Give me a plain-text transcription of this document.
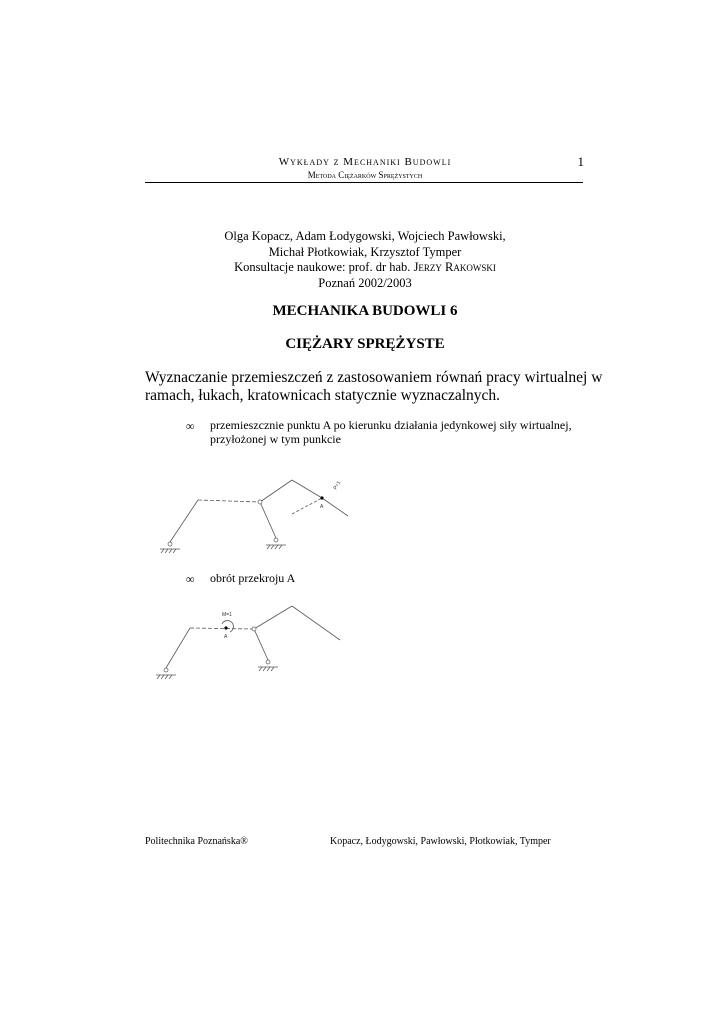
Wykłady z Mechaniki Budowli	1
Metoda Ciężarków Sprężystych
Olga Kopacz, Adam Łodygowski, Wojciech Pawłowski,
Michał Płotkowiak, Krzysztof Tymper
Konsultacje naukowe: prof. dr hab. Jerzy Rakowski
Poznań 2002/2003
MECHANIKA BUDOWLI 6
CIĘŻARY SPRĘŻYSTE
Wyznaczanie przemieszczeń z zastosowaniem równań pracy wirtualnej w ramach, łukach, kratownicach statycznie wyznaczalnych.
∞ przemieszcznie punktu A po kierunku działania jedynkowej siły wirtualnej,
przyłożonej w tym punkcie
A
P=1
∞ obrót przekroju A
A
M=1
Politechnika Poznańska®	Kopacz, Łodygowski, Pawłowski, Płotkowiak, Tymper
